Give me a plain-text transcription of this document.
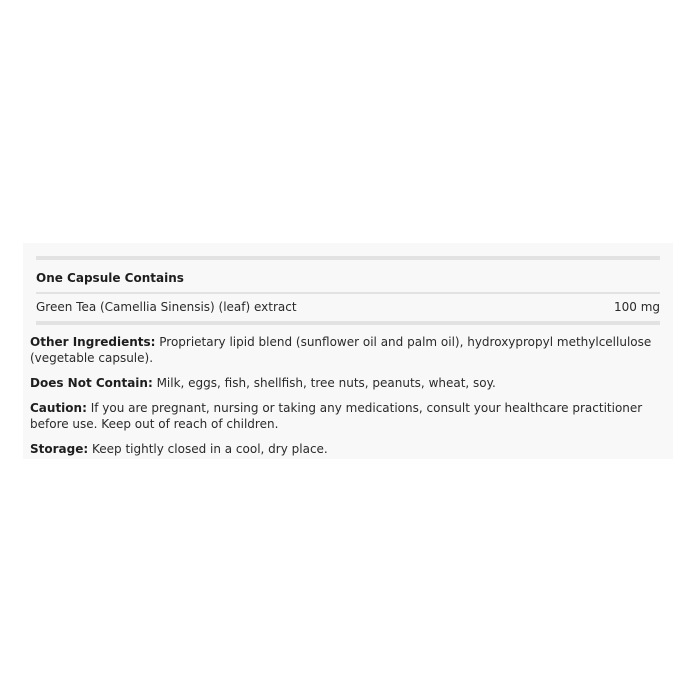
One Capsule Contains
Green Tea (Camellia Sinensis) (leaf) extract	100 mg

Other Ingredients: Proprietary lipid blend (sunflower oil and palm oil), hydroxypropyl methylcellulose (vegetable capsule).

Does Not Contain: Milk, eggs, fish, shellfish, tree nuts, peanuts, wheat, soy.

Caution: If you are pregnant, nursing or taking any medications, consult your healthcare practitioner before use. Keep out of reach of children.

Storage: Keep tightly closed in a cool, dry place.
